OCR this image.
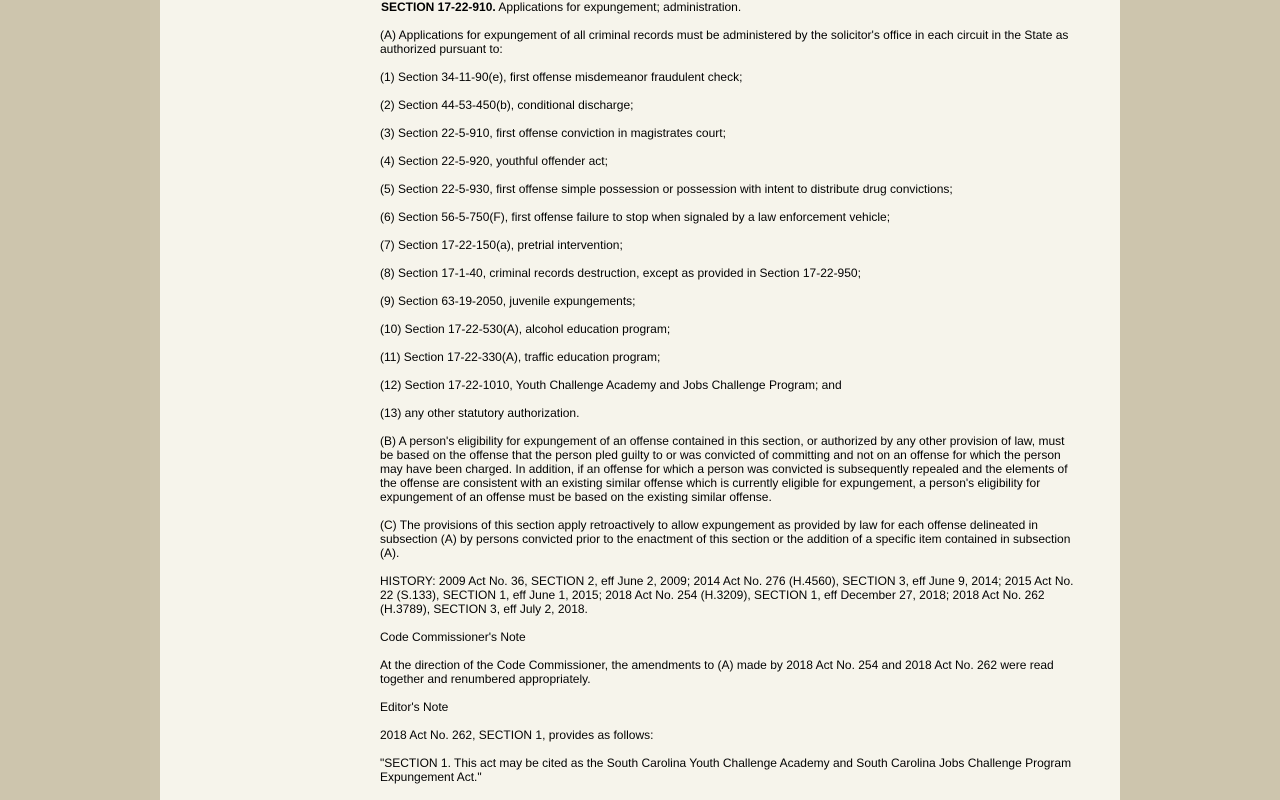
SECTION 17-22-910. Applications for expungement; administration.

(A) Applications for expungement of all criminal records must be administered by the solicitor's office in each circuit in the State as authorized pursuant to:

(1) Section 34-11-90(e), first offense misdemeanor fraudulent check;

(2) Section 44-53-450(b), conditional discharge;

(3) Section 22-5-910, first offense conviction in magistrates court;

(4) Section 22-5-920, youthful offender act;

(5) Section 22-5-930, first offense simple possession or possession with intent to distribute drug convictions;

(6) Section 56-5-750(F), first offense failure to stop when signaled by a law enforcement vehicle;

(7) Section 17-22-150(a), pretrial intervention;

(8) Section 17-1-40, criminal records destruction, except as provided in Section 17-22-950;

(9) Section 63-19-2050, juvenile expungements;

(10) Section 17-22-530(A), alcohol education program;

(11) Section 17-22-330(A), traffic education program;

(12) Section 17-22-1010, Youth Challenge Academy and Jobs Challenge Program; and

(13) any other statutory authorization.

(B) A person's eligibility for expungement of an offense contained in this section, or authorized by any other provision of law, must be based on the offense that the person pled guilty to or was convicted of committing and not on an offense for which the person may have been charged. In addition, if an offense for which a person was convicted is subsequently repealed and the elements of the offense are consistent with an existing similar offense which is currently eligible for expungement, a person's eligibility for expungement of an offense must be based on the existing similar offense.

(C) The provisions of this section apply retroactively to allow expungement as provided by law for each offense delineated in subsection (A) by persons convicted prior to the enactment of this section or the addition of a specific item contained in subsection (A).

HISTORY: 2009 Act No. 36, SECTION 2, eff June 2, 2009; 2014 Act No. 276 (H.4560), SECTION 3, eff June 9, 2014; 2015 Act No. 22 (S.133), SECTION 1, eff June 1, 2015; 2018 Act No. 254 (H.3209), SECTION 1, eff December 27, 2018; 2018 Act No. 262 (H.3789), SECTION 3, eff July 2, 2018.

Code Commissioner's Note

At the direction of the Code Commissioner, the amendments to (A) made by 2018 Act No. 254 and 2018 Act No. 262 were read together and renumbered appropriately.

Editor's Note

2018 Act No. 262, SECTION 1, provides as follows:

"SECTION 1. This act may be cited as the South Carolina Youth Challenge Academy and South Carolina Jobs Challenge Program Expungement Act."
